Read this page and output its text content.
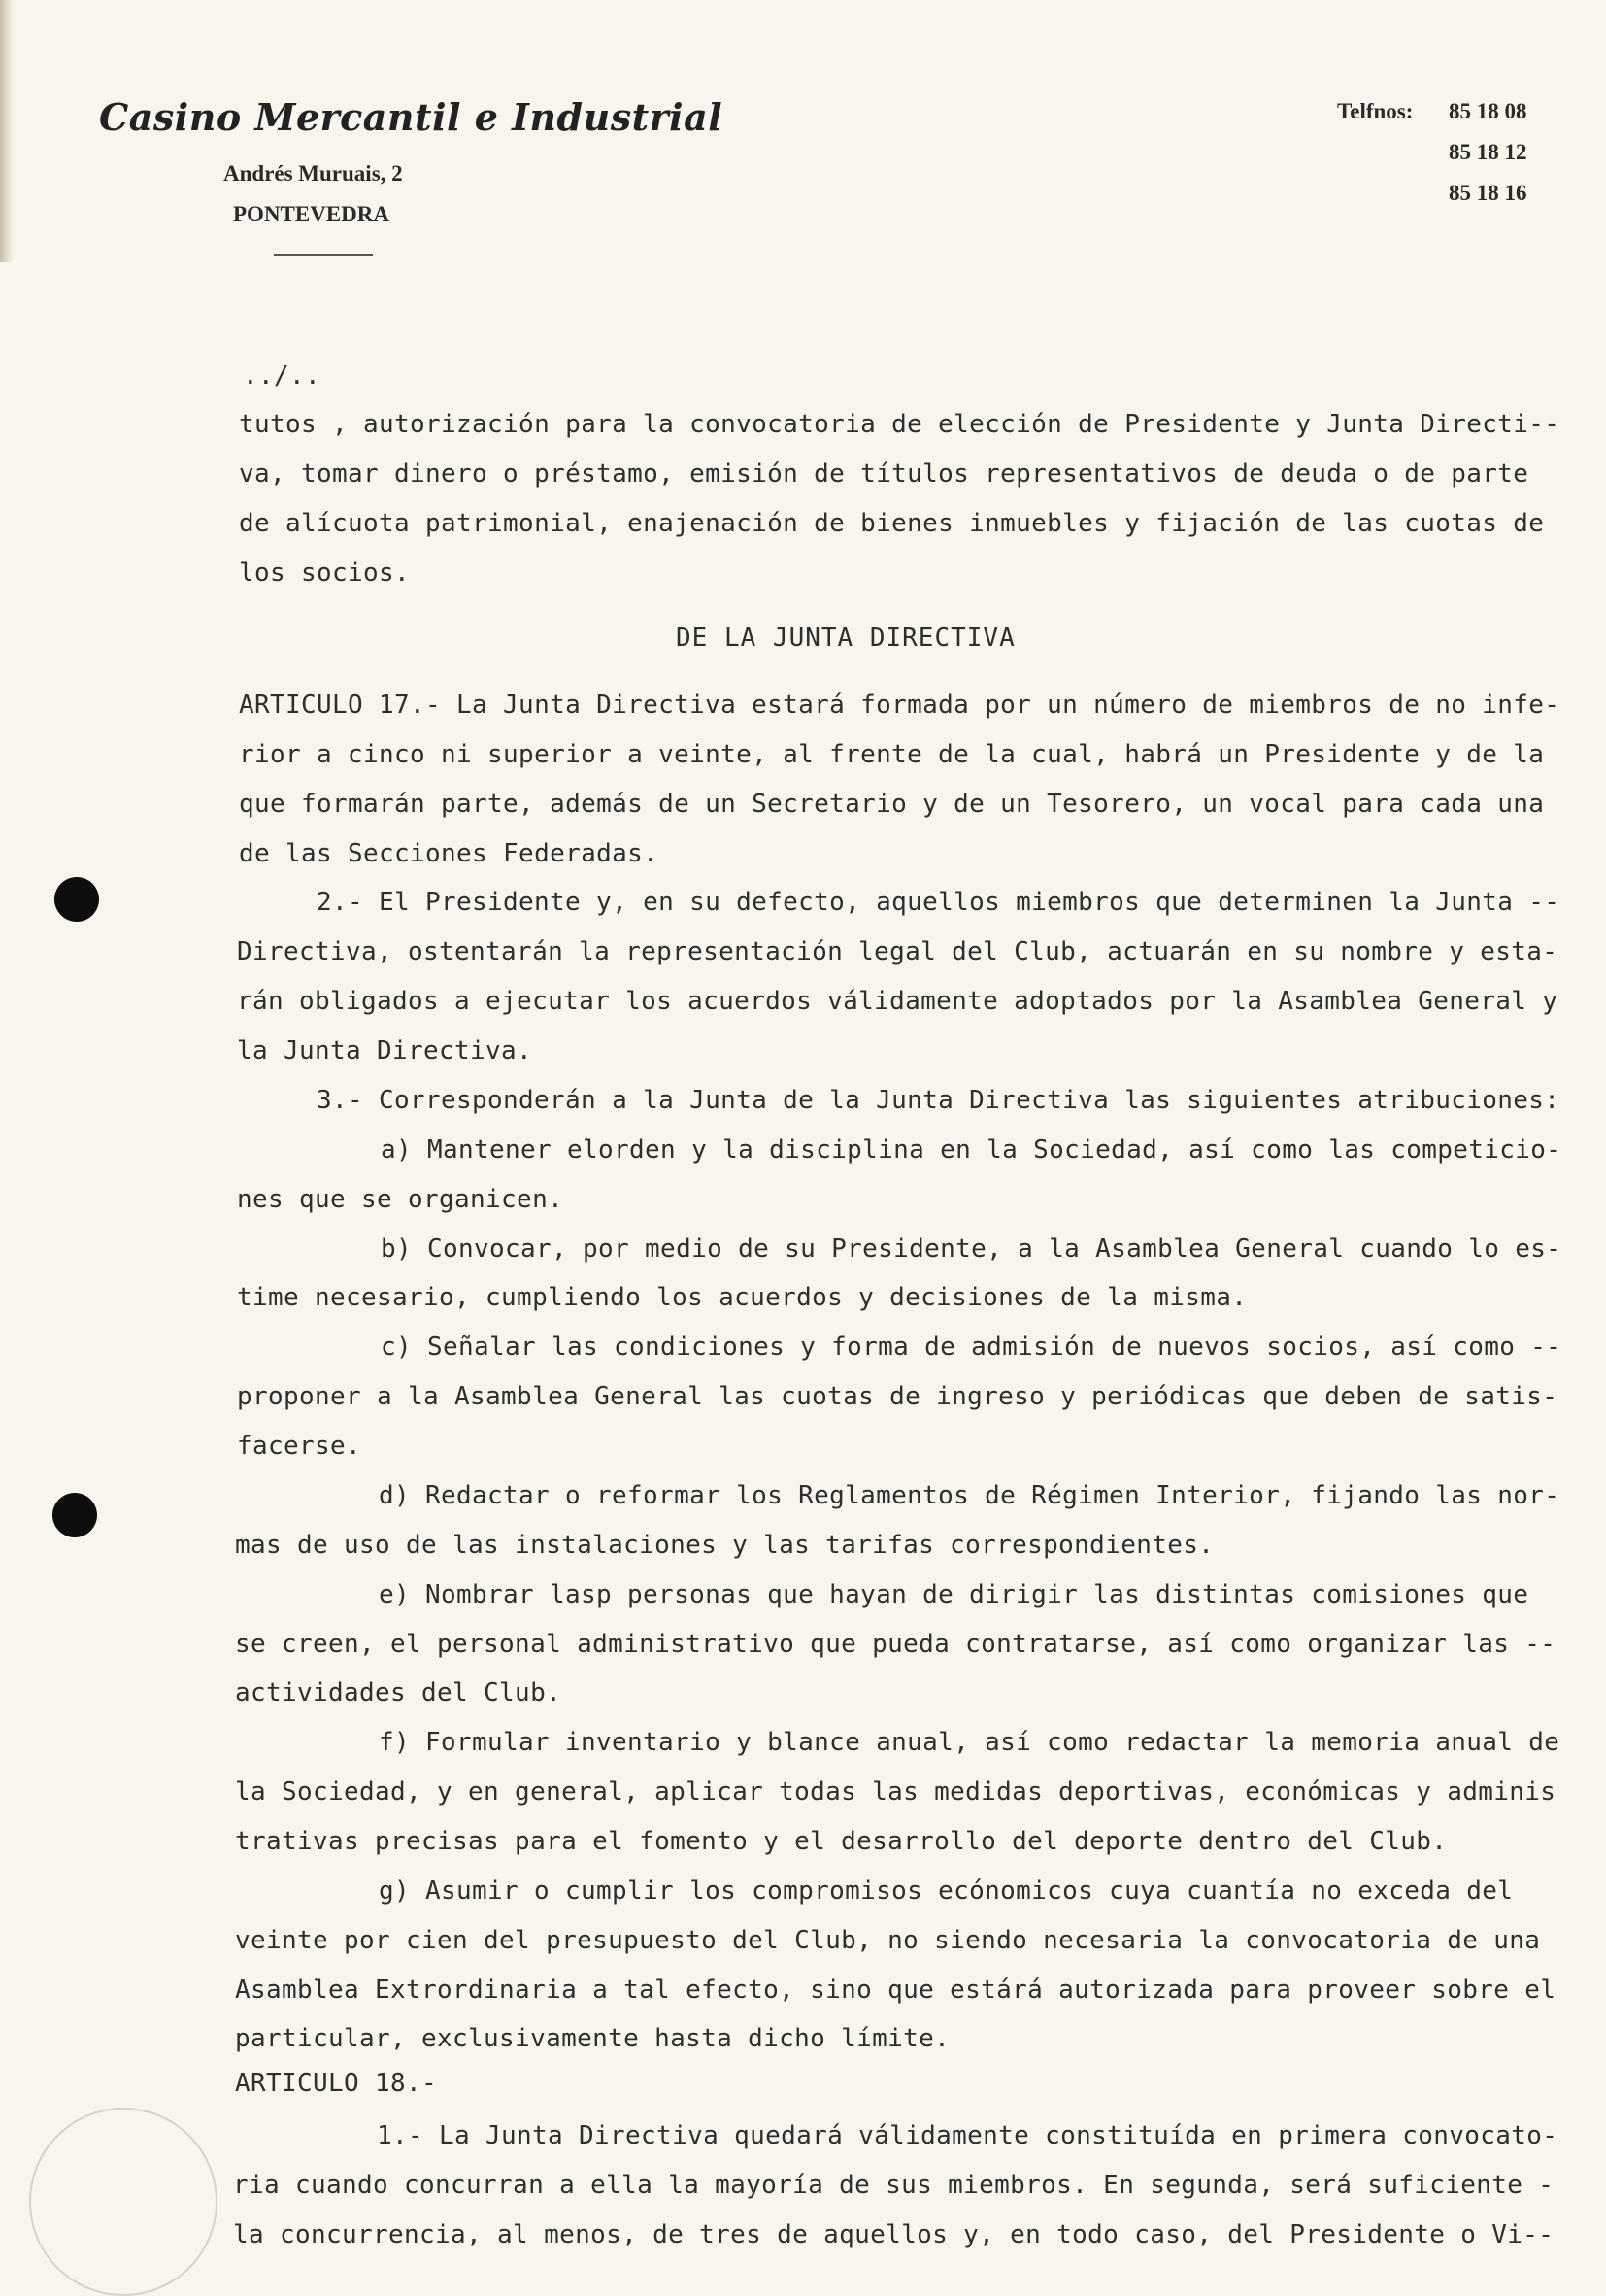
Casino Mercantil e Industrial
Andrés Muruais, 2
PONTEVEDRA
Telfnos: 85 18 08
85 18 12
85 18 16
../..
tutos , autorización para la convocatoria de elección de Presidente y Junta Directi--
va, tomar dinero o préstamo, emisión de títulos representativos de deuda o de parte
de alícuota patrimonial, enajenación de bienes inmuebles y fijación de las cuotas de
los socios.
DE LA JUNTA DIRECTIVA
ARTICULO 17.- La Junta Directiva estará formada por un número de miembros de no infe-
rior a cinco ni superior a veinte, al frente de la cual, habrá un Presidente y de la
que formarán parte, además de un Secretario y de un Tesorero, un vocal para cada una
de las Secciones Federadas.
2.- El Presidente y, en su defecto, aquellos miembros que determinen la Junta --
Directiva, ostentarán la representación legal del Club, actuarán en su nombre y esta-
rán obligados a ejecutar los acuerdos válidamente adoptados por la Asamblea General y
la Junta Directiva.
3.- Corresponderán a la Junta de la Junta Directiva las siguientes atribuciones:
a) Mantener elorden y la disciplina en la Sociedad, así como las competicio-
nes que se organicen.
b) Convocar, por medio de su Presidente, a la Asamblea General cuando lo es-
time necesario, cumpliendo los acuerdos y decisiones de la misma.
c) Señalar las condiciones y forma de admisión de nuevos socios, así como --
proponer a la Asamblea General las cuotas de ingreso y periódicas que deben de satis-
facerse.
d) Redactar o reformar los Reglamentos de Régimen Interior, fijando las nor-
mas de uso de las instalaciones y las tarifas correspondientes.
e) Nombrar lasp personas que hayan de dirigir las distintas comisiones que
se creen, el personal administrativo que pueda contratarse, así como organizar las --
actividades del Club.
f) Formular inventario y blance anual, así como redactar la memoria anual de
la Sociedad, y en general, aplicar todas las medidas deportivas, económicas y adminis
trativas precisas para el fomento y el desarrollo del deporte dentro del Club.
g) Asumir o cumplir los compromisos ecónomicos cuya cuantía no exceda del
veinte por cien del presupuesto del Club, no siendo necesaria la convocatoria de una
Asamblea Extrordinaria a tal efecto, sino que estárá autorizada para proveer sobre el
particular, exclusivamente hasta dicho límite.
ARTICULO 18.-
1.- La Junta Directiva quedará válidamente constituída en primera convocato-
ria cuando concurran a ella la mayoría de sus miembros. En segunda, será suficiente -
la concurrencia, al menos, de tres de aquellos y, en todo caso, del Presidente o Vi--
